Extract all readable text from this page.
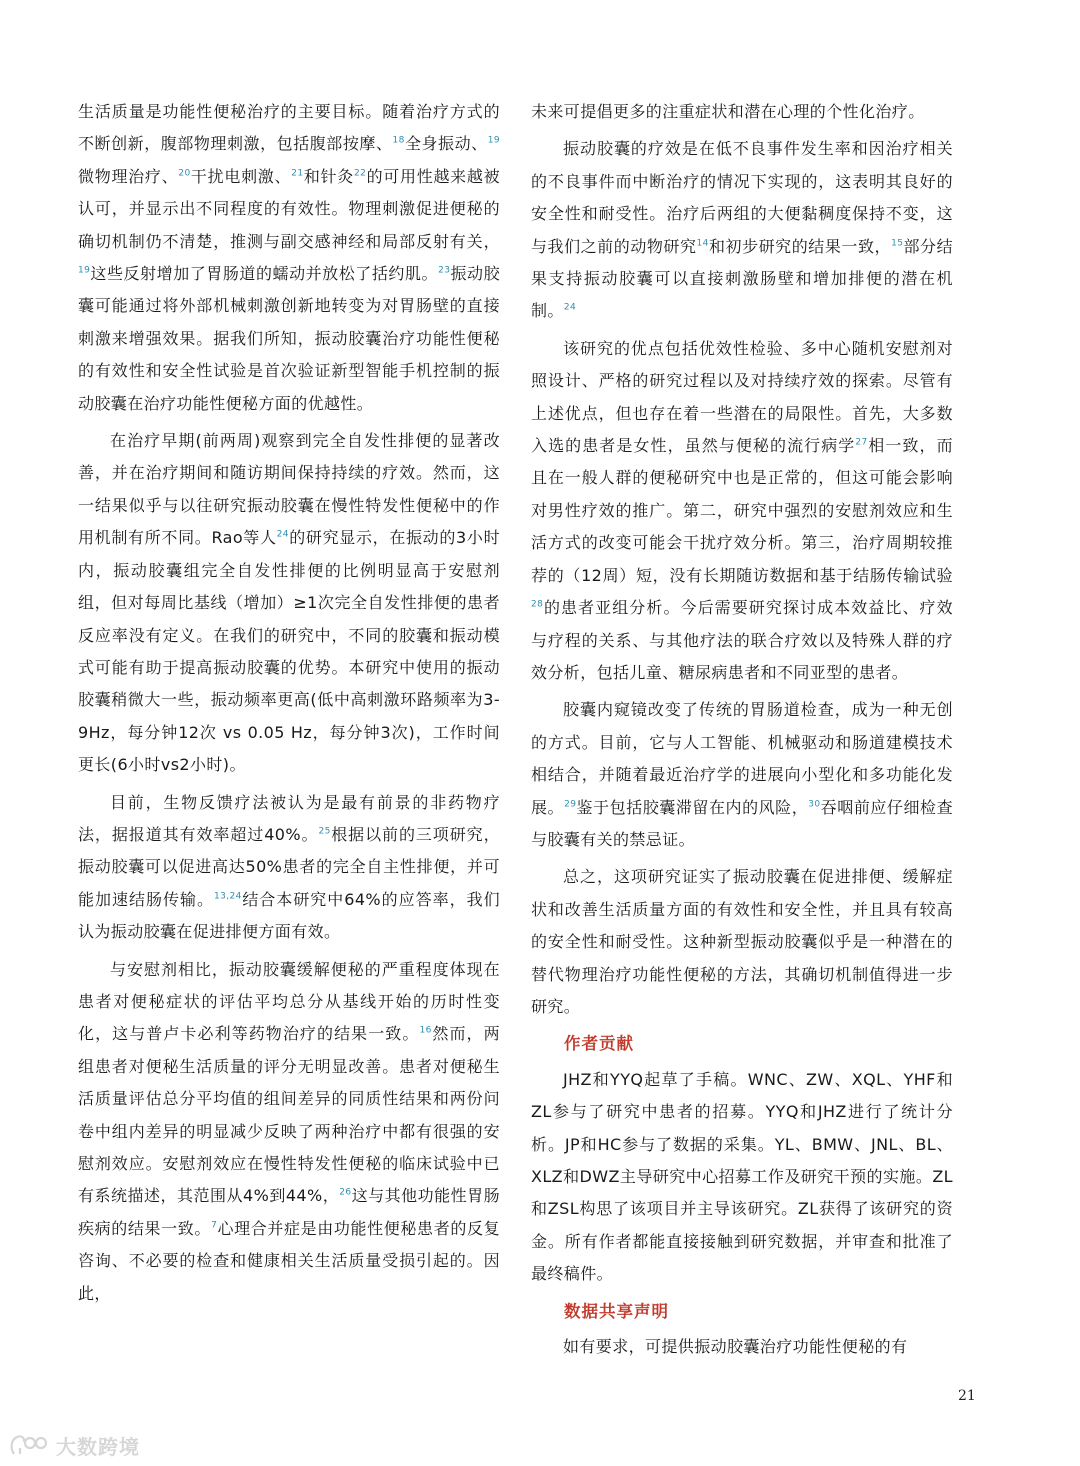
生活质量是功能性便秘治疗的主要目标。随着治疗方式的不断创新，腹部物理刺激，包括腹部按摩、$^{18}$全身振动、$^{19}$微物理治疗、$^{20}$干扰电刺激、$^{21}$和针灸$^{22}$的可用性越来越被认可，并显示出不同程度的有效性。物理刺激促进便秘的确切机制仍不清楚，推测与副交感神经和局部反射有关，$^{19}$这些反射增加了胃肠道的蠕动并放松了括约肌。$^{23}$振动胶囊可能通过将外部机械刺激创新地转变为对胃肠壁的直接刺激来增强效果。据我们所知，振动胶囊治疗功能性便秘的有效性和安全性试验是首次验证新型智能手机控制的振动胶囊在治疗功能性便秘方面的优越性。

在治疗早期(前两周)观察到完全自发性排便的显著改善，并在治疗期间和随访期间保持持续的疗效。然而，这一结果似乎与以往研究振动胶囊在慢性特发性便秘中的作用机制有所不同。Rao等人$^{24}$的研究显示，在振动的3小时内，振动胶囊组完全自发性排便的比例明显高于安慰剂组，但对每周比基线（增加）≥1次完全自发性排便的患者反应率没有定义。在我们的研究中，不同的胶囊和振动模式可能有助于提高振动胶囊的优势。本研究中使用的振动胶囊稍微大一些，振动频率更高(低中高刺激环路频率为3-9Hz，每分钟12次 vs 0.05 Hz，每分钟3次)，工作时间更长(6小时vs2小时)。

目前，生物反馈疗法被认为是最有前景的非药物疗法，据报道其有效率超过40%。$^{25}$根据以前的三项研究，振动胶囊可以促进高达50%患者的完全自主性排便，并可能加速结肠传输。$^{13,24}$结合本研究中64%的应答率，我们认为振动胶囊在促进排便方面有效。

与安慰剂相比，振动胶囊缓解便秘的严重程度体现在患者对便秘症状的评估平均总分从基线开始的历时性变化，这与普卢卡必利等药物治疗的结果一致。$^{16}$然而，两组患者对便秘生活质量的评分无明显改善。患者对便秘生活质量评估总分平均值的组间差异的同质性结果和两份问卷中组内差异的明显减少反映了两种治疗中都有很强的安慰剂效应。安慰剂效应在慢性特发性便秘的临床试验中已有系统描述，其范围从4%到44%，$^{26}$这与其他功能性胃肠疾病的结果一致。$^7$心理合并症是由功能性便秘患者的反复咨询、不必要的检查和健康相关生活质量受损引起的。因此，

未来可提倡更多的注重症状和潜在心理的个性化治疗。

振动胶囊的疗效是在低不良事件发生率和因治疗相关的不良事件而中断治疗的情况下实现的，这表明其良好的安全性和耐受性。治疗后两组的大便黏稠度保持不变，这与我们之前的动物研究$^{14}$和初步研究的结果一致，$^{15}$部分结果支持振动胶囊可以直接刺激肠壁和增加排便的潜在机制。$^{24}$

该研究的优点包括优效性检验、多中心随机安慰剂对照设计、严格的研究过程以及对持续疗效的探索。尽管有上述优点，但也存在着一些潜在的局限性。首先，大多数入选的患者是女性，虽然与便秘的流行病学$^{27}$相一致，而且在一般人群的便秘研究中也是正常的，但这可能会影响对男性疗效的推广。第二，研究中强烈的安慰剂效应和生活方式的改变可能会干扰疗效分析。第三，治疗周期较推荐的（12周）短，没有长期随访数据和基于结肠传输试验$^{28}$的患者亚组分析。今后需要研究探讨成本效益比、疗效与疗程的关系、与其他疗法的联合疗效以及特殊人群的疗效分析，包括儿童、糖尿病患者和不同亚型的患者。

胶囊内窥镜改变了传统的胃肠道检查，成为一种无创的方式。目前，它与人工智能、机械驱动和肠道建模技术相结合，并随着最近治疗学的进展向小型化和多功能化发展。$^{29}$鉴于包括胶囊滞留在内的风险，$^{30}$吞咽前应仔细检查与胶囊有关的禁忌证。

总之，这项研究证实了振动胶囊在促进排便、缓解症状和改善生活质量方面的有效性和安全性，并且具有较高的安全性和耐受性。这种新型振动胶囊似乎是一种潜在的替代物理治疗功能性便秘的方法，其确切机制值得进一步研究。

作者贡献

JHZ和YYQ起草了手稿。WNC、ZW、XQL、YHF和ZL参与了研究中患者的招募。YYQ和JHZ进行了统计分析。JP和HC参与了数据的采集。YL、BMW、JNL、BL、XLZ和DWZ主导研究中心招募工作及研究干预的实施。ZL和ZSL构思了该项目并主导该研究。ZL获得了该研究的资金。所有作者都能直接接触到研究数据，并审查和批准了最终稿件。

数据共享声明

如有要求，可提供振动胶囊治疗功能性便秘的有

21
大数跨境
